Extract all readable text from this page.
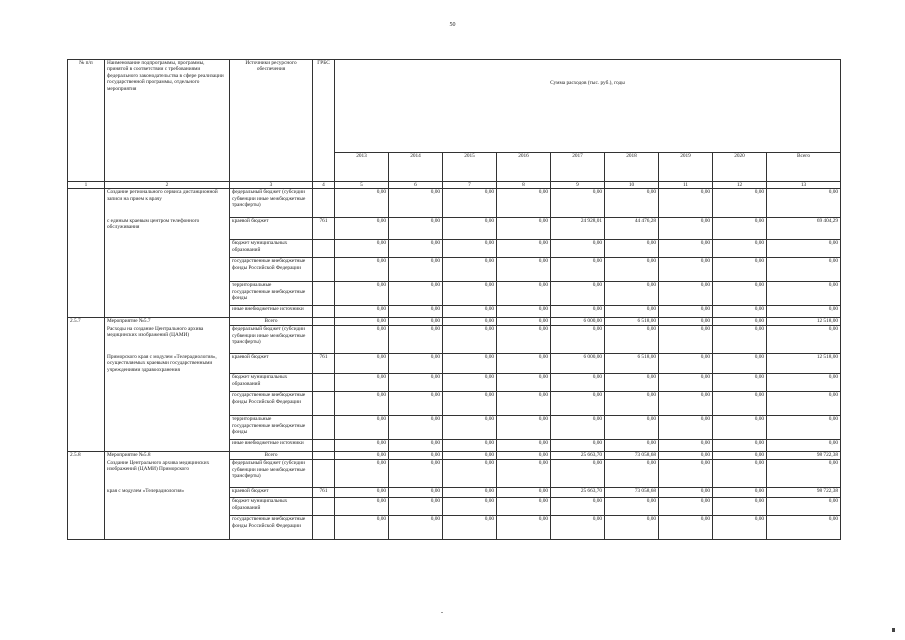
50
№ п/п	Наименование подпрограммы, программы, принятой в соответствии с требованиями федерального законодательства в сфере реализации государственной программы, отдельного мероприятия	Источники ресурсного обеспечения	ГРБС	Сумма расходов (тыс. руб.), годы								
				2013	2014	2015	2016	2017	2018	2019	2020	Всего
1	2	3	4	5	6	7	8	9	10	11	12	13
	Создание регионального сервиса дистанционной записи на прием к врачу	федеральный бюджет (субсидии субвенции иные межбюджетные трансферты)		0,00	0,00	0,00	0,00	0,00	0,00	0,00	0,00	0,00
	с единым краевым центром телефонного обслуживания	краевой бюджет	761	0,00	0,00	0,00	0,00	24 928,01	44 476,28	0,00	0,00	69 404,29
		бюджет муниципальных образований		0,00	0,00	0,00	0,00	0,00	0,00	0,00	0,00	0,00
		государственные внебюджетные фонды Российской Федерации		0,00	0,00	0,00	0,00	0,00	0,00	0,00	0,00	0,00
		территориальные государственные внебюджетные фонды		0,00	0,00	0,00	0,00	0,00	0,00	0,00	0,00	0,00
		иные внебюджетные источники		0,00	0,00	0,00	0,00	0,00	0,00	0,00	0,00	0,00
2.5.7	Мероприятие №5.7	Всего		0,00	0,00	0,00	0,00	6 000,00	6 518,00	0,00	0,00	12 518,00
	Расходы на создание Центрального архива медицинских изображений (ЦАМИ)	федеральный бюджет (субсидии субвенции иные межбюджетные трансферты)		0,00	0,00	0,00	0,00	0,00	0,00	0,00	0,00	0,00
	Приморского края с модулем «Телерадиология», осуществляемых краевыми государственными учреждениями здравоохранения	краевой бюджет	761	0,00	0,00	0,00	0,00	6 000,00	6 518,00	0,00	0,00	12 518,00
		бюджет муниципальных образований		0,00	0,00	0,00	0,00	0,00	0,00	0,00	0,00	0,00
		государственные внебюджетные фонды Российской Федерации		0,00	0,00	0,00	0,00	0,00	0,00	0,00	0,00	0,00
		территориальные государственные внебюджетные фонды		0,00	0,00	0,00	0,00	0,00	0,00	0,00	0,00	0,00
		иные внебюджетные источники		0,00	0,00	0,00	0,00	0,00	0,00	0,00	0,00	0,00
2.5.8	Мероприятие №5.8	Всего		0,00	0,00	0,00	0,00	25 663,70	73 058,68	0,00	0,00	98 722,38
	Создание Центрального архива медицинских изображений (ЦАМИ) Приморского	федеральный бюджет (субсидии субвенции иные межбюджетные трансферты)		0,00	0,00	0,00	0,00	0,00	0,00	0,00	0,00	0,00
	края с модулем «Телерадиология»	краевой бюджет	761	0,00	0,00	0,00	0,00	25 663,70	73 058,68	0,00	0,00	98 722,38
		бюджет муниципальных образований		0,00	0,00	0,00	0,00	0,00	0,00	0,00	0,00	0,00
		государственные внебюджетные фонды Российской Федерации		0,00	0,00	0,00	0,00	0,00	0,00	0,00	0,00	0,00
